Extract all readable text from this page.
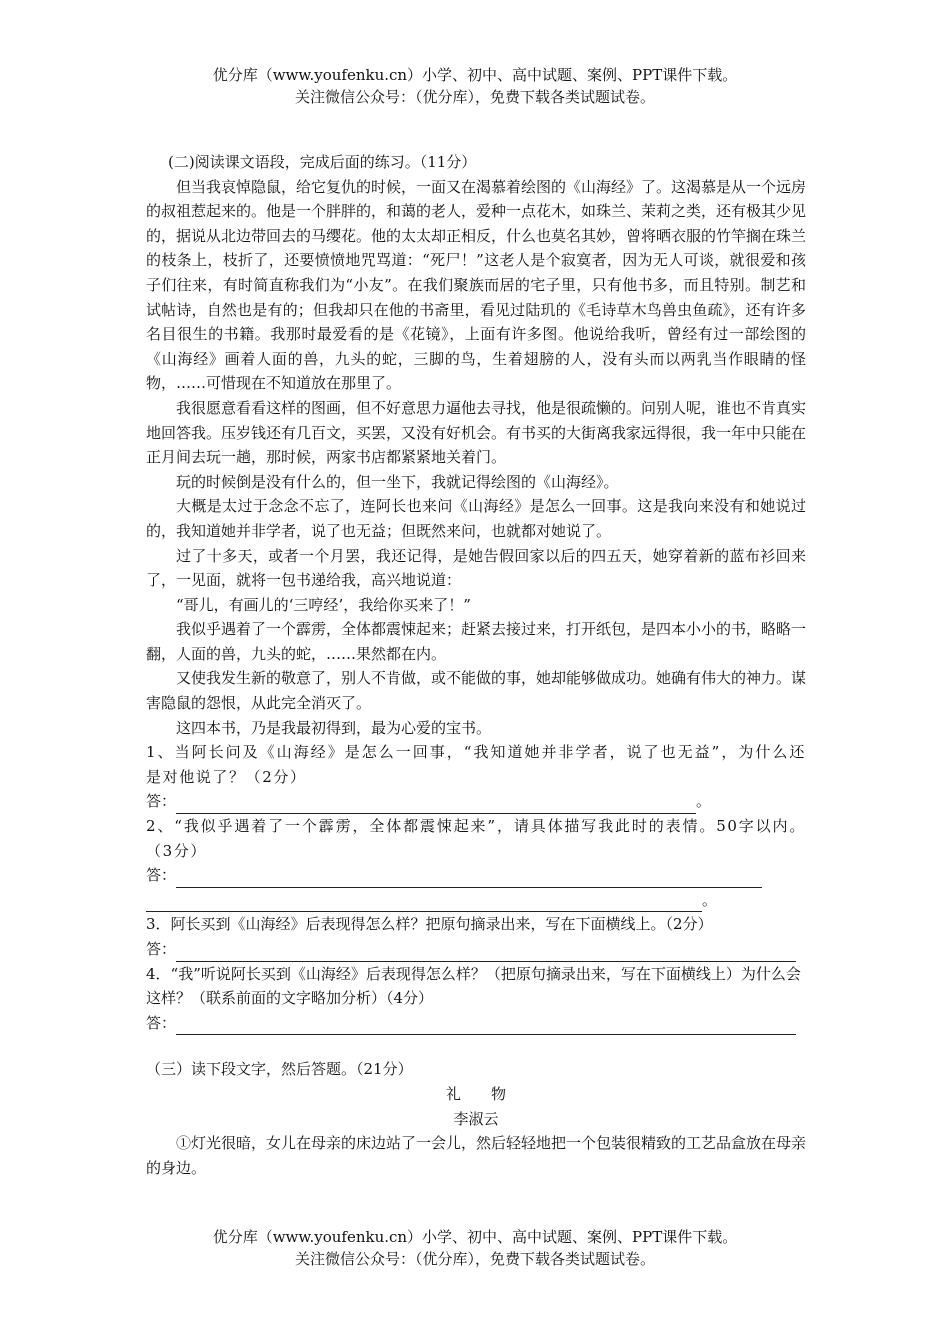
优分库（www.youfenku.cn）小学、初中、高中试题、案例、PPT课件下载。
关注微信公众号：（优分库），免费下载各类试题试卷。

(二)阅读课文语段，完成后面的练习。（11分）

但当我哀悼隐鼠，给它复仇的时候，一面又在渴慕着绘图的《山海经》了。这渴慕是从一个远房的叔祖惹起来的。他是一个胖胖的，和蔼的老人，爱种一点花木，如珠兰、茉莉之类，还有极其少见的，据说从北边带回去的马缨花。他的太太却正相反，什么也莫名其妙，曾将晒衣服的竹竿搁在珠兰的枝条上，枝折了，还要愤愤地咒骂道：“死尸！”这老人是个寂寞者，因为无人可谈，就很爱和孩子们往来，有时简直称我们为“小友”。在我们聚族而居的宅子里，只有他书多，而且特别。制艺和试帖诗，自然也是有的；但我却只在他的书斋里，看见过陆玑的《毛诗草木鸟兽虫鱼疏》，还有许多名目很生的书籍。我那时最爱看的是《花镜》，上面有许多图。他说给我听，曾经有过一部绘图的《山海经》画着人面的兽，九头的蛇，三脚的鸟，生着翅膀的人，没有头而以两乳当作眼睛的怪物，……可惜现在不知道放在那里了。

我很愿意看看这样的图画，但不好意思力逼他去寻找，他是很疏懒的。问别人呢，谁也不肯真实地回答我。压岁钱还有几百文，买罢，又没有好机会。有书买的大街离我家远得很，我一年中只能在正月间去玩一趟，那时候，两家书店都紧紧地关着门。

玩的时候倒是没有什么的，但一坐下，我就记得绘图的《山海经》。

大概是太过于念念不忘了，连阿长也来问《山海经》是怎么一回事。这是我向来没有和她说过的，我知道她并非学者，说了也无益；但既然来问，也就都对她说了。

过了十多天，或者一个月罢，我还记得，是她告假回家以后的四五天，她穿着新的蓝布衫回来了，一见面，就将一包书递给我，高兴地说道：

“哥儿，有画儿的‘三哼经’，我给你买来了！”

我似乎遇着了一个霹雳，全体都震悚起来；赶紧去接过来，打开纸包，是四本小小的书，略略一翻，人面的兽，九头的蛇，……果然都在内。

又使我发生新的敬意了，别人不肯做，或不能做的事，她却能够做成功。她确有伟大的神力。谋害隐鼠的怨恨，从此完全消灭了。

这四本书，乃是我最初得到，最为心爱的宝书。

1、当阿长问及《山海经》是怎么一回事，“我知道她并非学者，说了也无益”，为什么还是对他说了？（2分）

答：	。

2、“我似乎遇着了一个霹雳，全体都震悚起来”，请具体描写我此时的表情。50字以内。（3分）

答：
。

3．阿长买到《山海经》后表现得怎么样？把原句摘录出来，写在下面横线上。（2分）

答：

4．“我”听说阿长买到《山海经》后表现得怎么样？（把原句摘录出来，写在下面横线上）为什么会这样？（联系前面的文字略加分析）（4分）

答：

（三）读下段文字，然后答题。（21分）

礼　　物

李淑云

①灯光很暗，女儿在母亲的床边站了一会儿，然后轻轻地把一个包装很精致的工艺品盒放在母亲的身边。

优分库（www.youfenku.cn）小学、初中、高中试题、案例、PPT课件下载。
关注微信公众号：（优分库），免费下载各类试题试卷。
